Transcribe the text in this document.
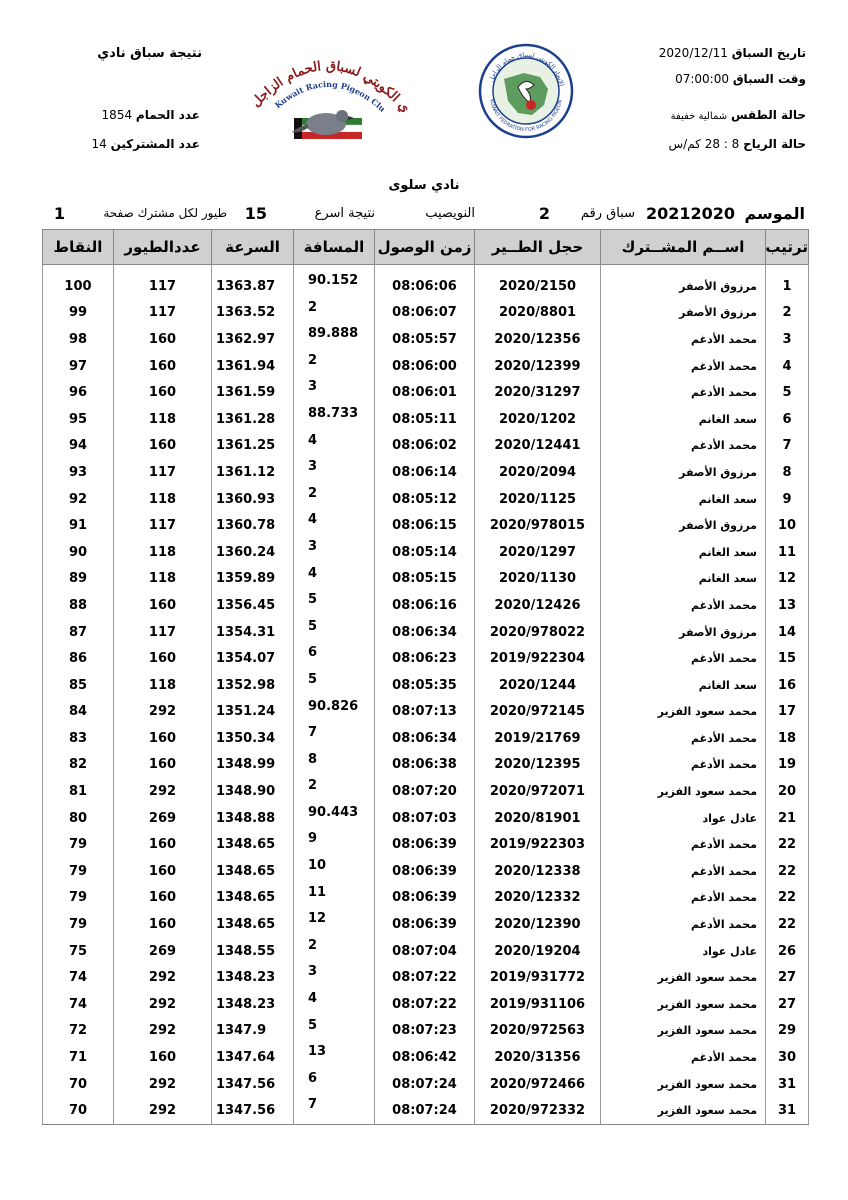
تاريخ السباق 2020/12/11
وقت السباق 07:00:00
حالة الطقس شمالية خفيفة
حالة الرياح 8 : 28 كم/س
نتيجة سباق نادي
عدد الحمام 1854
عدد المشتركين 14
الاتحاد الكويتي لسباق حمام الزاجل
KUWAIT FEDRATION FOR RACING PIGEON
ي الكويتي لسباق الحمام الزاجل
Kuwait Racing Pigeon Clu
نادي سلوى
الموسم
20212020
سباق رقم
2
النويصيب
نتيجة اسرع
15
طيور لكل مشترك صفحة
1
ترتيب	اســم المشــترك	حجل الطــير	زمن الوصول	المسافة	السرعة	عددالطيور	النقاط

1	مرزوق الأصفر	2020/2150	08:06:06	90.152	1363.87	117	100
2	مرزوق الأصفر	2020/8801	08:06:07	2	1363.52	117	99
3	محمد الأدغم	2020/12356	08:05:57	89.888	1362.97	160	98
4	محمد الأدغم	2020/12399	08:06:00	2	1361.94	160	97
5	محمد الأدغم	2020/31297	08:06:01	3	1361.59	160	96
6	سعد الغانم	2020/1202	08:05:11	88.733	1361.28	118	95
7	محمد الأدغم	2020/12441	08:06:02	4	1361.25	160	94
8	مرزوق الأصفر	2020/2094	08:06:14	3	1361.12	117	93
9	سعد الغانم	2020/1125	08:05:12	2	1360.93	118	92
10	مرزوق الأصفر	2020/978015	08:06:15	4	1360.78	117	91
11	سعد الغانم	2020/1297	08:05:14	3	1360.24	118	90
12	سعد الغانم	2020/1130	08:05:15	4	1359.89	118	89
13	محمد الأدغم	2020/12426	08:06:16	5	1356.45	160	88
14	مرزوق الأصفر	2020/978022	08:06:34	5	1354.31	117	87
15	محمد الأدغم	2019/922304	08:06:23	6	1354.07	160	86
16	سعد الغانم	2020/1244	08:05:35	5	1352.98	118	85
17	محمد سعود الفزير	2020/972145	08:07:13	90.826	1351.24	292	84
18	محمد الأدغم	2019/21769	08:06:34	7	1350.34	160	83
19	محمد الأدغم	2020/12395	08:06:38	8	1348.99	160	82
20	محمد سعود الفزير	2020/972071	08:07:20	2	1348.90	292	81
21	عادل عواد	2020/81901	08:07:03	90.443	1348.88	269	80
22	محمد الأدغم	2019/922303	08:06:39	9	1348.65	160	79
22	محمد الأدغم	2020/12338	08:06:39	10	1348.65	160	79
22	محمد الأدغم	2020/12332	08:06:39	11	1348.65	160	79
22	محمد الأدغم	2020/12390	08:06:39	12	1348.65	160	79
26	عادل عواد	2020/19204	08:07:04	2	1348.55	269	75
27	محمد سعود الفزير	2019/931772	08:07:22	3	1348.23	292	74
27	محمد سعود الفزير	2019/931106	08:07:22	4	1348.23	292	74
29	محمد سعود الفزير	2020/972563	08:07:23	5	1347.9	292	72
30	محمد الأدغم	2020/31356	08:06:42	13	1347.64	160	71
31	محمد سعود الفزير	2020/972466	08:07:24	6	1347.56	292	70
31	محمد سعود الفزير	2020/972332	08:07:24	7	1347.56	292	70
